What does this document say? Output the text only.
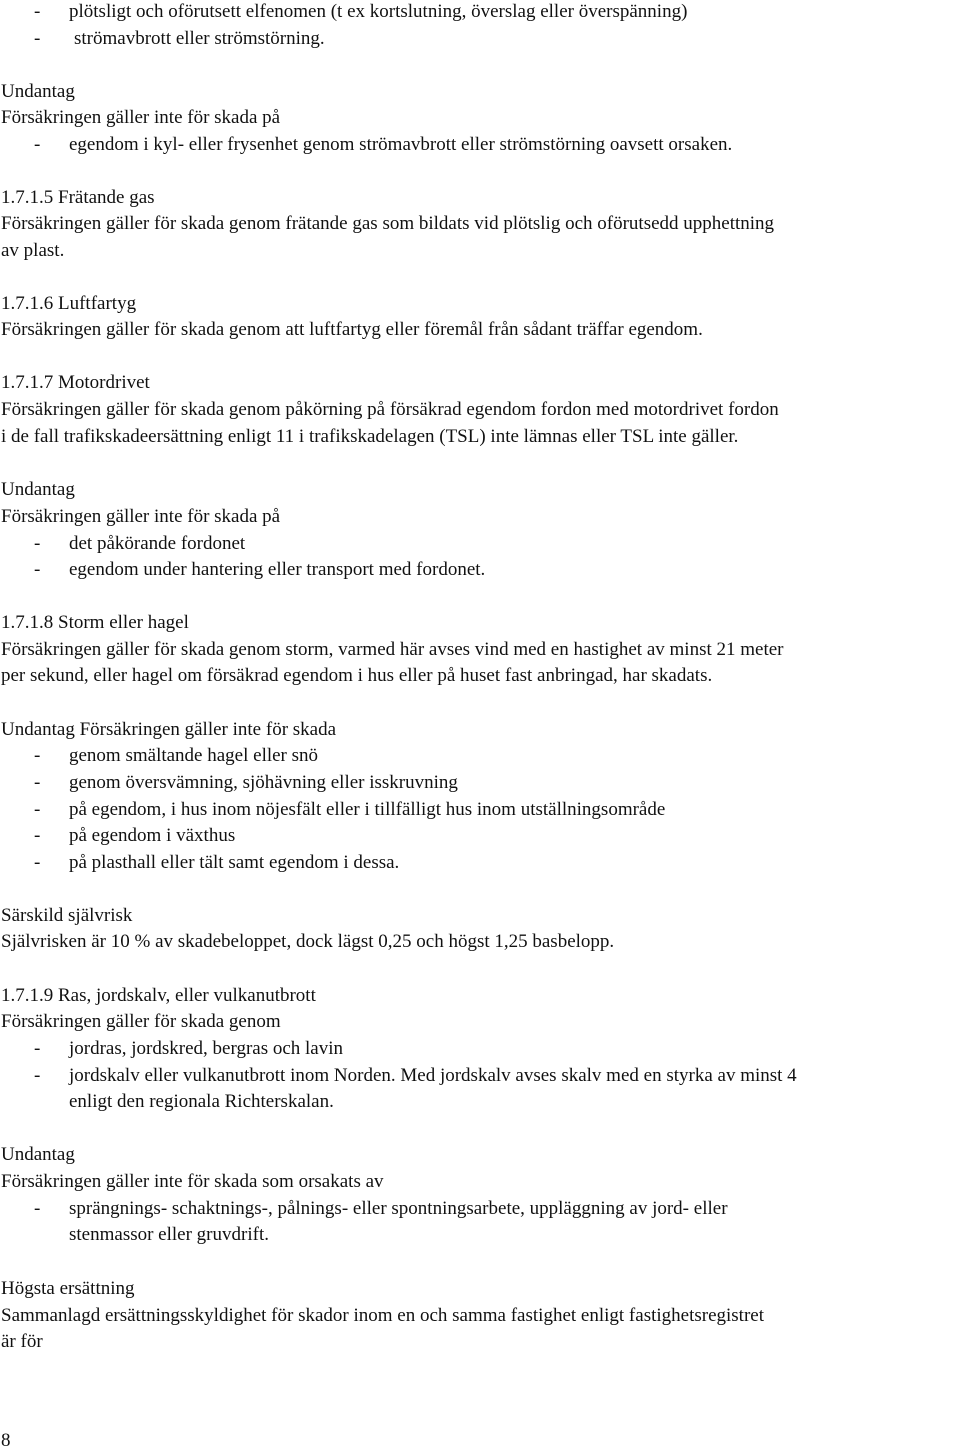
- plötsligt och oförutsett elfenomen (t ex kortslutning, överslag eller överspänning)
- strömavbrott eller strömstörning.
Undantag
Försäkringen gäller inte för skada på
- egendom i kyl- eller frysenhet genom strömavbrott eller strömstörning oavsett orsaken.
1.7.1.5 Frätande gas
Försäkringen gäller för skada genom frätande gas som bildats vid plötslig och oförutsedd upphettning
av plast.
1.7.1.6 Luftfartyg
Försäkringen gäller för skada genom att luftfartyg eller föremål från sådant träffar egendom.
1.7.1.7 Motordrivet
Försäkringen gäller för skada genom påkörning på försäkrad egendom fordon med motordrivet fordon
i de fall trafikskadeersättning enligt 11 i trafikskadelagen (TSL) inte lämnas eller TSL inte gäller.
Undantag
Försäkringen gäller inte för skada på
- det påkörande fordonet
- egendom under hantering eller transport med fordonet.
1.7.1.8 Storm eller hagel
Försäkringen gäller för skada genom storm, varmed här avses vind med en hastighet av minst 21 meter
per sekund, eller hagel om försäkrad egendom i hus eller på huset fast anbringad, har skadats.
Undantag Försäkringen gäller inte för skada
- genom smältande hagel eller snö
- genom översvämning, sjöhävning eller isskruvning
- på egendom, i hus inom nöjesfält eller i tillfälligt hus inom utställningsområde
- på egendom i växthus
- på plasthall eller tält samt egendom i dessa.
Särskild självrisk
Självrisken är 10 % av skadebeloppet, dock lägst 0,25 och högst 1,25 basbelopp.
1.7.1.9 Ras, jordskalv, eller vulkanutbrott
Försäkringen gäller för skada genom
- jordras, jordskred, bergras och lavin
- jordskalv eller vulkanutbrott inom Norden. Med jordskalv avses skalv med en styrka av minst 4
enligt den regionala Richterskalan.
Undantag
Försäkringen gäller inte för skada som orsakats av
- sprängnings- schaktnings-, pålnings- eller spontningsarbete, uppläggning av jord- eller
stenmassor eller gruvdrift.
Högsta ersättning
Sammanlagd ersättningsskyldighet för skador inom en och samma fastighet enligt fastighetsregistret
är för
8
